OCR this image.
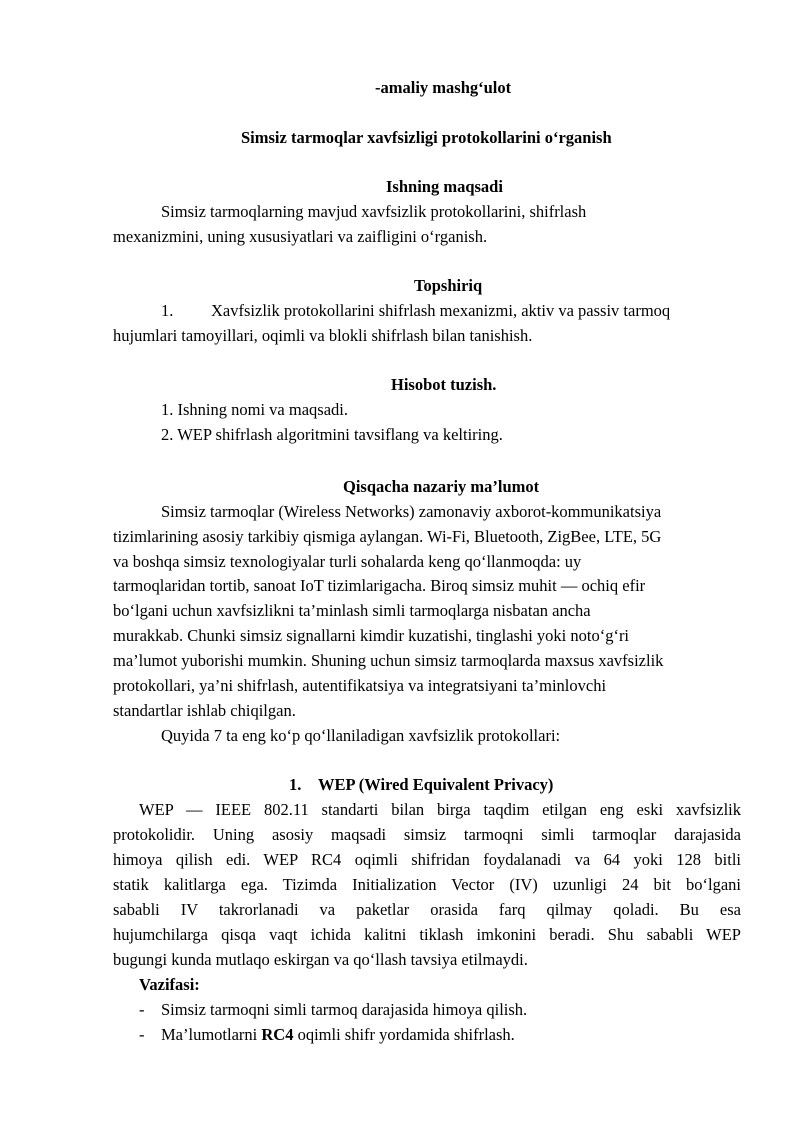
-amaliy mashg‘ulot
Simsiz tarmoqlar xavfsizligi protokollarini o‘rganish
Ishning maqsadi
Simsiz tarmoqlarning mavjud xavfsizlik protokollarini, shifrlash
mexanizmini, uning xususiyatlari va zaifligini o‘rganish.
Topshiriq
1. Xavfsizlik protokollarini shifrlash mexanizmi, aktiv va passiv tarmoq
hujumlari tamoyillari, oqimli va blokli shifrlash bilan tanishish.
Hisobot tuzish.
1. Ishning nomi va maqsadi.
2. WEP shifrlash algoritmini tavsiflang va keltiring.
Qisqacha nazariy ma’lumot
Simsiz tarmoqlar (Wireless Networks) zamonaviy axborot-kommunikatsiya
tizimlarining asosiy tarkibiy qismiga aylangan. Wi-Fi, Bluetooth, ZigBee, LTE, 5G
va boshqa simsiz texnologiyalar turli sohalarda keng qo‘llanmoqda: uy
tarmoqlaridan tortib, sanoat IoT tizimlarigacha. Biroq simsiz muhit — ochiq efir
bo‘lgani uchun xavfsizlikni ta’minlash simli tarmoqlarga nisbatan ancha
murakkab. Chunki simsiz signallarni kimdir kuzatishi, tinglashi yoki noto‘g‘ri
ma’lumot yuborishi mumkin. Shuning uchun simsiz tarmoqlarda maxsus xavfsizlik
protokollari, ya’ni shifrlash, autentifikatsiya va integratsiyani ta’minlovchi
standartlar ishlab chiqilgan.
Quyida 7 ta eng ko‘p qo‘llaniladigan xavfsizlik protokollari:
1. WEP (Wired Equivalent Privacy)
WEP — IEEE 802.11 standarti bilan birga taqdim etilgan eng eski xavfsizlik
protokolidir. Uning asosiy maqsadi simsiz tarmoqni simli tarmoqlar darajasida
himoya qilish edi. WEP RC4 oqimli shifridan foydalanadi va 64 yoki 128 bitli
statik kalitlarga ega. Tizimda Initialization Vector (IV) uzunligi 24 bit bo‘lgani
sababli IV takrorlanadi va paketlar orasida farq qilmay qoladi. Bu esa
hujumchilarga qisqa vaqt ichida kalitni tiklash imkonini beradi. Shu sababli WEP
bugungi kunda mutlaqo eskirgan va qo‘llash tavsiya etilmaydi.
Vazifasi:
- Simsiz tarmoqni simli tarmoq darajasida himoya qilish.
- Ma’lumotlarni RC4 oqimli shifr yordamida shifrlash.
